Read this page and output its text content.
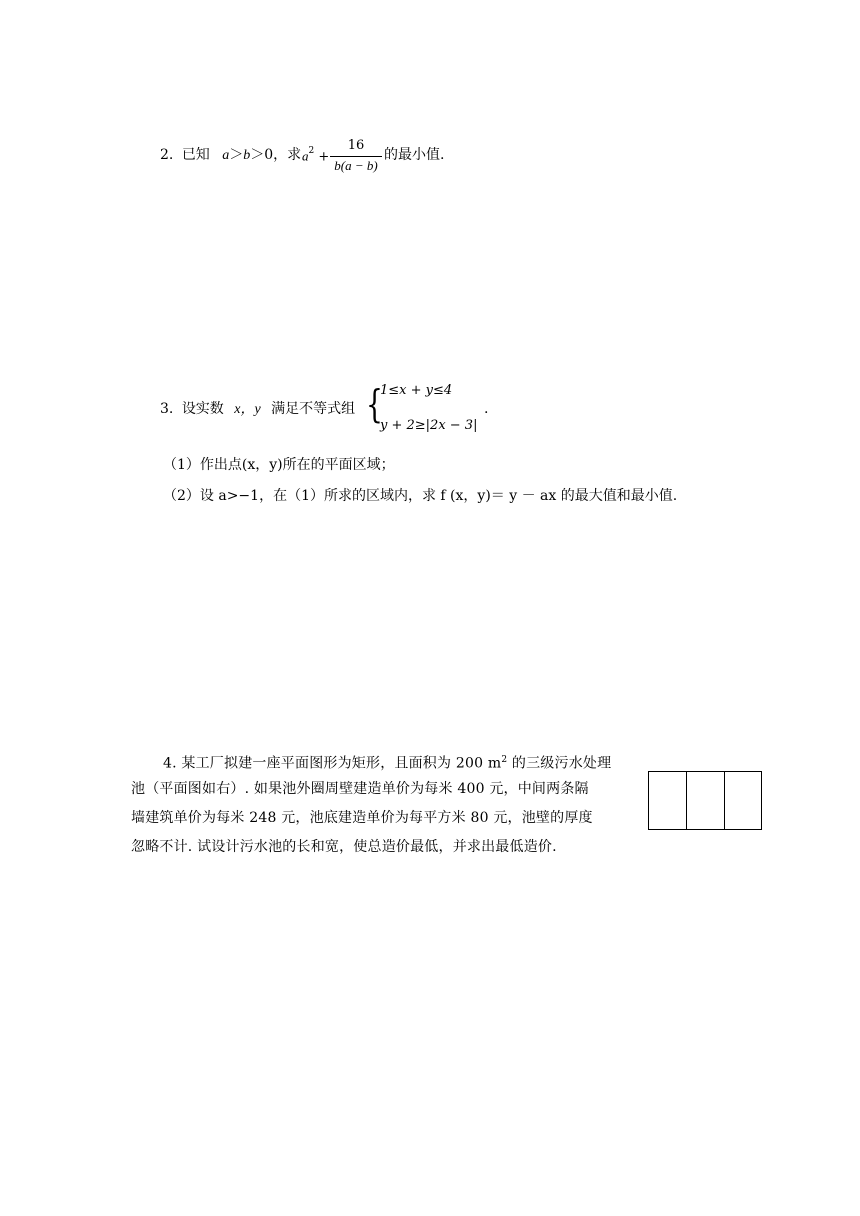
2. 已知 a＞b＞0，求 $a^2$ +
16
b(a − b)
的最小值.
3. 设实数 x，y 满足不等式组 {
1≤x + y≤4
y + 2≥|2x − 3|
.
（1）作出点(x，y)所在的平面区域；
（2）设 a>−1，在（1）所求的区域内，求 f (x，y)＝ y － ax 的最大值和最小值.
4. 某工厂拟建一座平面图形为矩形，且面积为 200 $m^2$ 的三级污水处理
池（平面图如右）. 如果池外圈周壁建造单价为每米 400 元，中间两条隔
墙建筑单价为每米 248 元，池底建造单价为每平方米 80 元，池壁的厚度
忽略不计. 试设计污水池的长和宽，使总造价最低，并求出最低造价.
